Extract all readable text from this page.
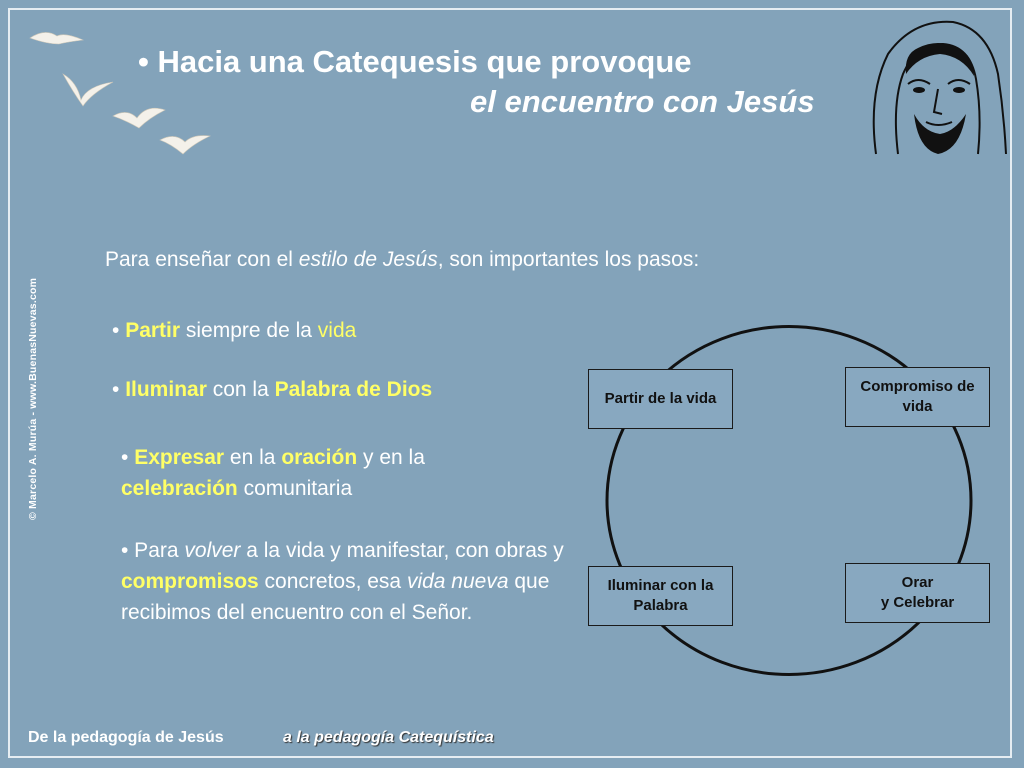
© Marcelo A. Murúa - www.BuenasNuevas.com
• Hacia una Catequesis que provoque
el encuentro con Jesús
Para enseñar con el estilo de Jesús, son importantes los pasos:
• Partir siempre de la vida
• Iluminar con la Palabra de Dios
• Expresar en la oración y en la
celebración comunitaria
• Para volver a la vida y manifestar, con obras y compromisos concretos, esa vida nueva que recibimos del encuentro con el Señor.
Partir de la vida
Compromiso de vida
Iluminar con la Palabra
Orar
y Celebrar
De la pedagogía de Jesús	a la pedagogía Catequística
